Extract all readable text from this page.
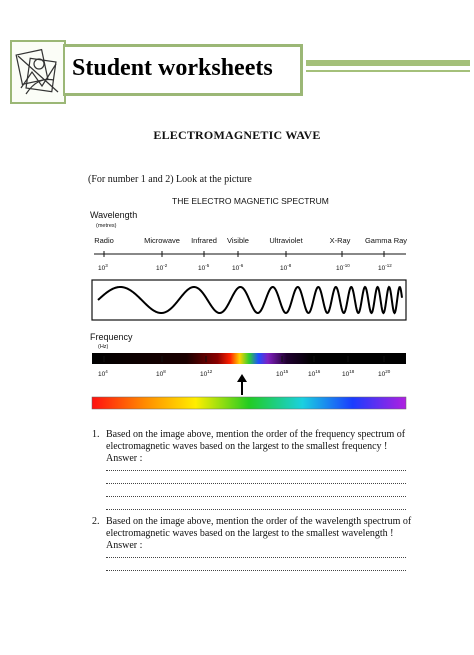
Student worksheets
ELECTROMAGNETIC WAVE
(For number 1 and 2) Look at the picture
THE ELECTRO MAGNETIC SPECTRUM
Wavelength
(metres)
Radio	Microwave Infrared Visible	Ultraviolet	X-Ray Gamma Ray
$10^3$	$10^{-2}$	$10^{-5}$	$10^{-6}$	$10^{-8}$	$10^{-10}$	$10^{-12}$
Frequency
(Hz)
$10^4$	$10^8$	$10^{12}$	$10^{15}$	$10^{16}$	$10^{18}$	$10^{20}$
1. Based on the image above, mention the order of the frequency spectrum of
electromagnetic waves based on the largest to the smallest frequency !
Answer :
2. Based on the image above, mention the order of the wavelength spectrum of
electromagnetic waves based on the largest to the smallest wavelength !
Answer :
